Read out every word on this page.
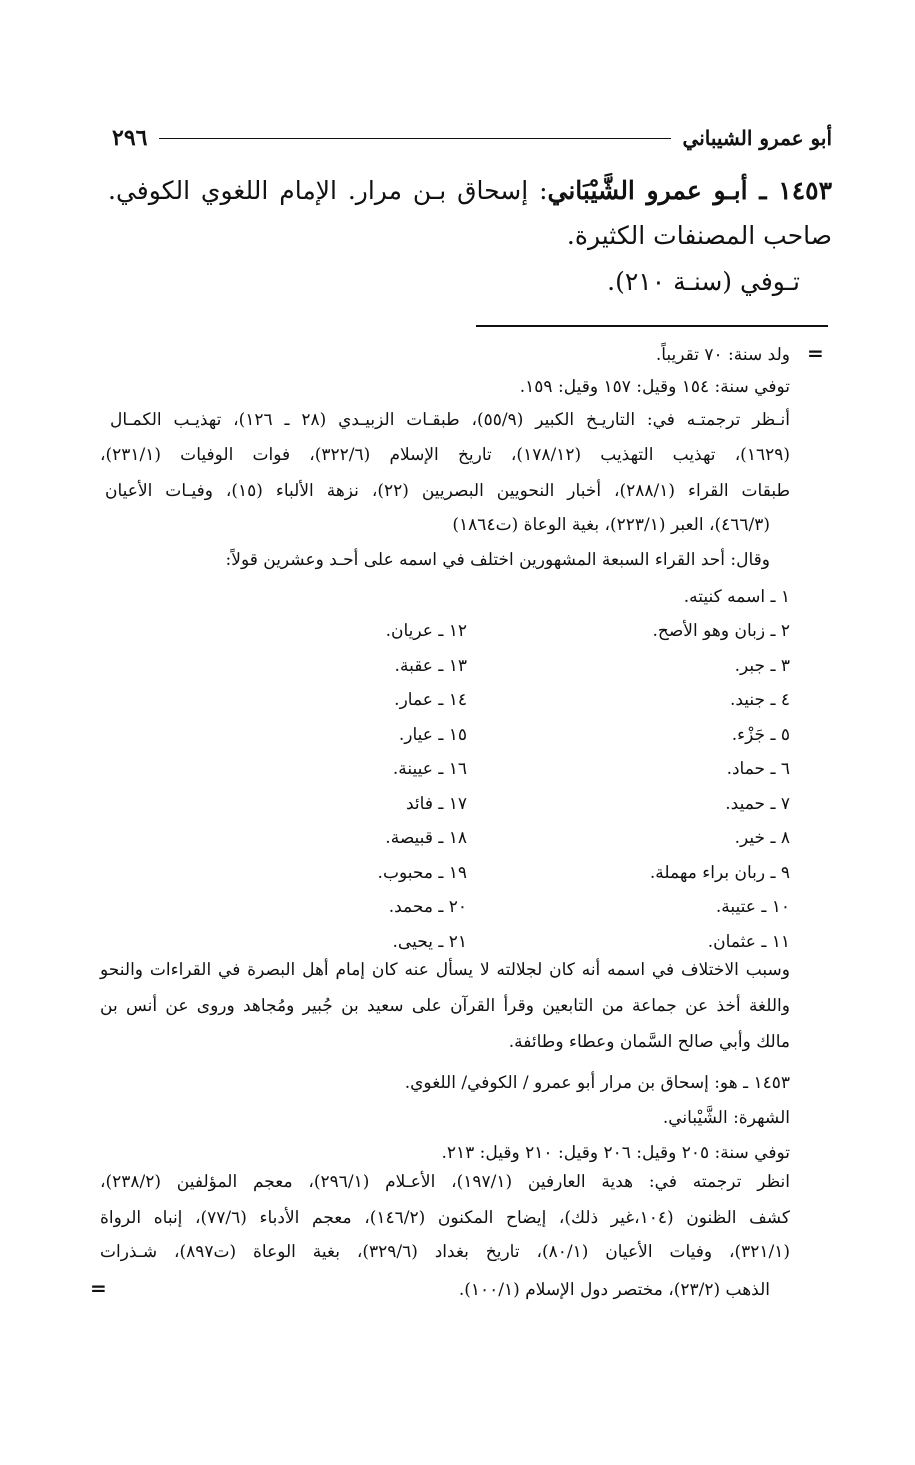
أبو عمرو الشيباني
٢٩٦
١٤٥٣ ـ أبـو عمرو الشَّيْبَاني: إسحاق بـن مرار. الإمام اللغوي الكوفي. صاحب المصنفات الكثيرة.
تـوفي (سنـة ٢١٠).
=
ولد سنة: ٧٠ تقريباً.
توفي سنة: ١٥٤ وقيل: ١٥٧ وقيل: ١٥٩.
أنـظر ترجمتـه في: التاريـخ الكبير (٥٥/٩)، طبقـات الزبيـدي (٢٨ ـ ١٢٦)، تهذيـب الكمـال
(١٦٢٩)، تهذيب التهذيب (١٧٨/١٢)، تاريخ الإسلام (٣٢٢/٦)، فوات الوفيات (٢٣١/١)،
طبقات القراء (٢٨٨/١)، أخبار النحويين البصريين (٢٢)، نزهة الألباء (١٥)، وفيـات الأعيان
(٤٦٦/٣)، العبر (٢٢٣/١)، بغية الوعاة (ت١٨٦٤)
وقال: أحد القراء السبعة المشهورين اختلف في اسمه على أحـد وعشرين قولاً:
١ ـ اسمه كنيته.
٢ ـ زبان وهو الأصح.
٣ ـ جبر.
٤ ـ جنيد.
٥ ـ جَزْء.
٦ ـ حماد.
٧ ـ حميد.
٨ ـ خير.
٩ ـ ربان براء مهملة.
١٠ ـ عتيبة.
١١ ـ عثمان.
١٢ ـ عريان.
١٣ ـ عقبة.
١٤ ـ عمار.
١٥ ـ عيار.
١٦ ـ عيينة.
١٧ ـ فائد
١٨ ـ قبيصة.
١٩ ـ محبوب.
٢٠ ـ محمد.
٢١ ـ يحيى.
وسبب الاختلاف في اسمه أنه كان لجلالته لا يسأل عنه كان إمام أهل البصرة في القراءات والنحو
واللغة أخذ عن جماعة من التابعين وقرأ القرآن على سعيد بن جُبير ومُجاهد وروى عن أنس بن
مالك وأبي صالح السَّمان وعطاء وطائفة.
١٤٥٣ ـ هو: إسحاق بن مرار أبو عمرو / الكوفي/ اللغوي.
الشهرة: الشَّيْباني.
توفي سنة: ٢٠٥ وقيل: ٢٠٦ وقيل: ٢١٠ وقيل: ٢١٣.
انظر ترجمته في: هدية العارفين (١٩٧/١)، الأعـلام (٢٩٦/١)، معجم المؤلفين (٢٣٨/٢)،
كشف الظنون (١٠٤،غير ذلك)، إيضاح المكنون (١٤٦/٢)، معجم الأدباء (٧٧/٦)، إنباه الرواة
(٣٢١/١)، وفيات الأعيان (٨٠/١)، تاريخ بغداد (٣٢٩/٦)، بغية الوعاة (ت٨٩٧)، شـذرات
الذهب (٢٣/٢)، مختصر دول الإسلام (١٠٠/١).
=
